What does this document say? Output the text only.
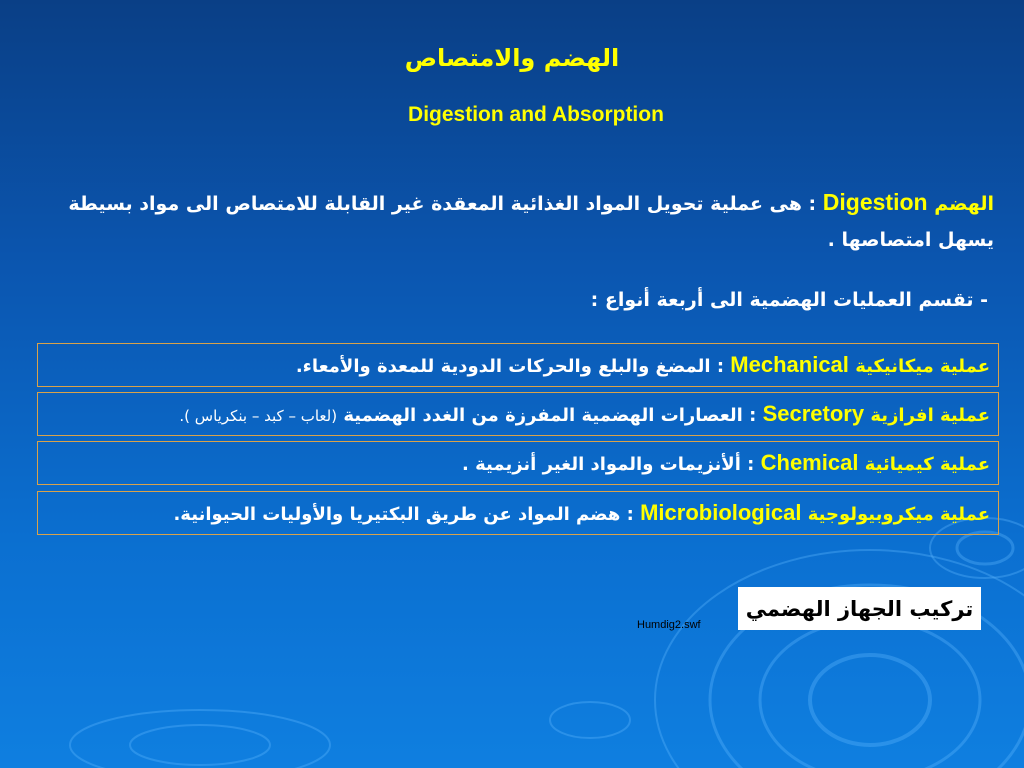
الهضم والامتصاص
Digestion and Absorption
الهضم Digestion : هى عملية تحويل المواد الغذائية المعقدة غير القابلة للامتصاص الى مواد بسيطة يسهل امتصاصها .
- تقسم العمليات الهضمية الى أربعة أنواع :
عملية ميكانيكية Mechanical : المضغ والبلع والحركات الدودية للمعدة والأمعاء.
عملية افرازية Secretory : العصارات الهضمية المفرزة من الغدد الهضمية (لعاب – كبد – بنكرياس ).
عملية كيميائية Chemical : ألأنزيمات والمواد الغير أنزيمية .
عملية ميكروبيولوجية Microbiological : هضم المواد عن طريق البكتيريا والأوليات الحيوانية.
تركيب الجهاز الهضمي
Humdig2.swf
